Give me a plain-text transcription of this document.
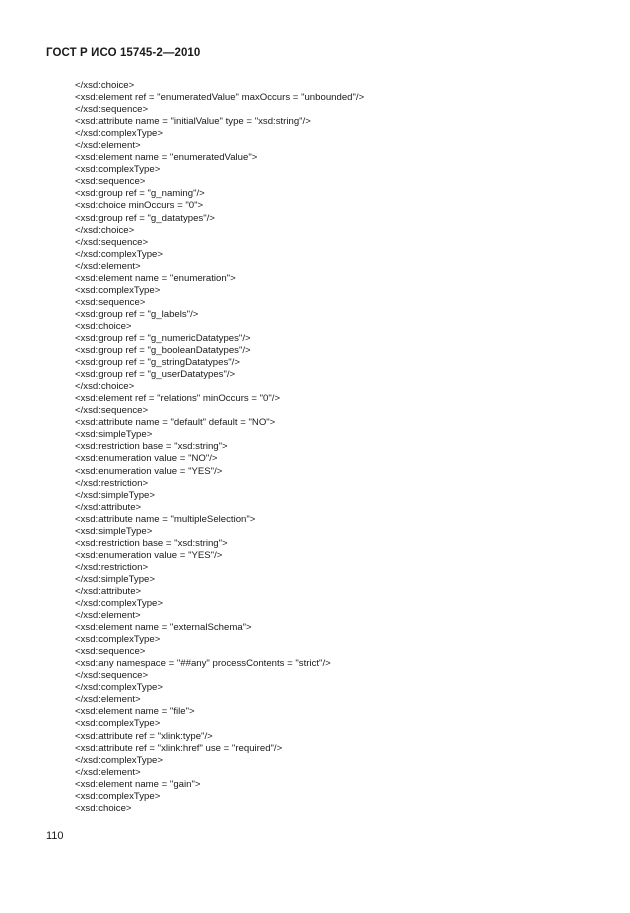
ГОСТ Р ИСО 15745-2—2010
</xsd:choice>
<xsd:element ref = "enumeratedValue" maxOccurs = "unbounded"/>
</xsd:sequence>
<xsd:attribute name = "initialValue" type = "xsd:string"/>
</xsd:complexType>
</xsd:element>
<xsd:element name = "enumeratedValue">
<xsd:complexType>
<xsd:sequence>
<xsd:group ref = "g_naming"/>
<xsd:choice minOccurs = "0">
<xsd:group ref = "g_datatypes"/>
</xsd:choice>
</xsd:sequence>
</xsd:complexType>
</xsd:element>
<xsd:element name = "enumeration">
<xsd:complexType>
<xsd:sequence>
<xsd:group ref = "g_labels"/>
<xsd:choice>
<xsd:group ref = "g_numericDatatypes"/>
<xsd:group ref = "g_booleanDatatypes"/>
<xsd:group ref = "g_stringDatatypes"/>
<xsd:group ref = "g_userDatatypes"/>
</xsd:choice>
<xsd:element ref = "relations" minOccurs = "0"/>
</xsd:sequence>
<xsd:attribute name = "default" default = "NO">
<xsd:simpleType>
<xsd:restriction base = "xsd:string">
<xsd:enumeration value = "NO"/>
<xsd:enumeration value = "YES"/>
</xsd:restriction>
</xsd:simpleType>
</xsd:attribute>
<xsd:attribute name = "multipleSelection">
<xsd:simpleType>
<xsd:restriction base = "xsd:string">
<xsd:enumeration value = "YES"/>
</xsd:restriction>
</xsd:simpleType>
</xsd:attribute>
</xsd:complexType>
</xsd:element>
<xsd:element name = "externalSchema">
<xsd:complexType>
<xsd:sequence>
<xsd:any namespace = "##any" processContents = "strict"/>
</xsd:sequence>
</xsd:complexType>
</xsd:element>
<xsd:element name = "file">
<xsd:complexType>
<xsd:attribute ref = "xlink:type"/>
<xsd:attribute ref = "xlink:href" use = "required"/>
</xsd:complexType>
</xsd:element>
<xsd:element name = "gain">
<xsd:complexType>
<xsd:choice>
110
